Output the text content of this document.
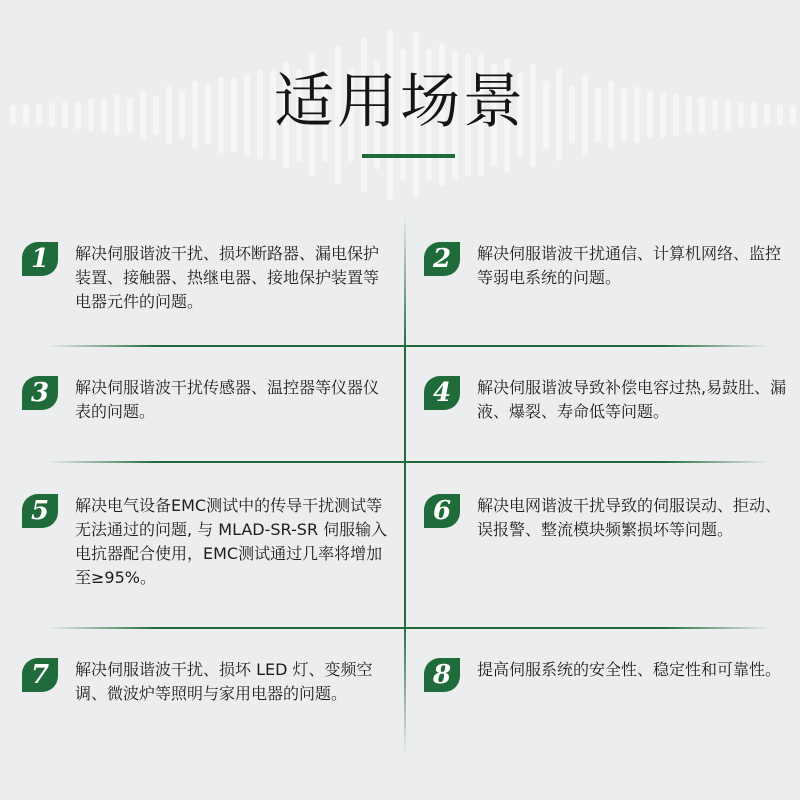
适用场景
1	解决伺服谐波干扰、损坏断路器、漏电保护装置、接触器、热继电器、接地保护装置等电器元件的问题。

2	解决伺服谐波干扰通信、计算机网络、监控等弱电系统的问题。

3	解决伺服谐波干扰传感器、温控器等仪器仪表的问题。

4	解决伺服谐波导致补偿电容过热,易鼓肚、漏液、爆裂、寿命低等问题。

5	解决电气设备EMC测试中的传导干扰测试等无法通过的问题, 与 MLAD-SR-SR 伺服输入电抗器配合使用，EMC测试通过几率将增加至≥95%。

6	解决电网谐波干扰导致的伺服误动、拒动、误报警、整流模块频繁损坏等问题。

7	解决伺服谐波干扰、损坏 LED 灯、变频空调、微波炉等照明与家用电器的问题。

8	提高伺服系统的安全性、稳定性和可靠性。
